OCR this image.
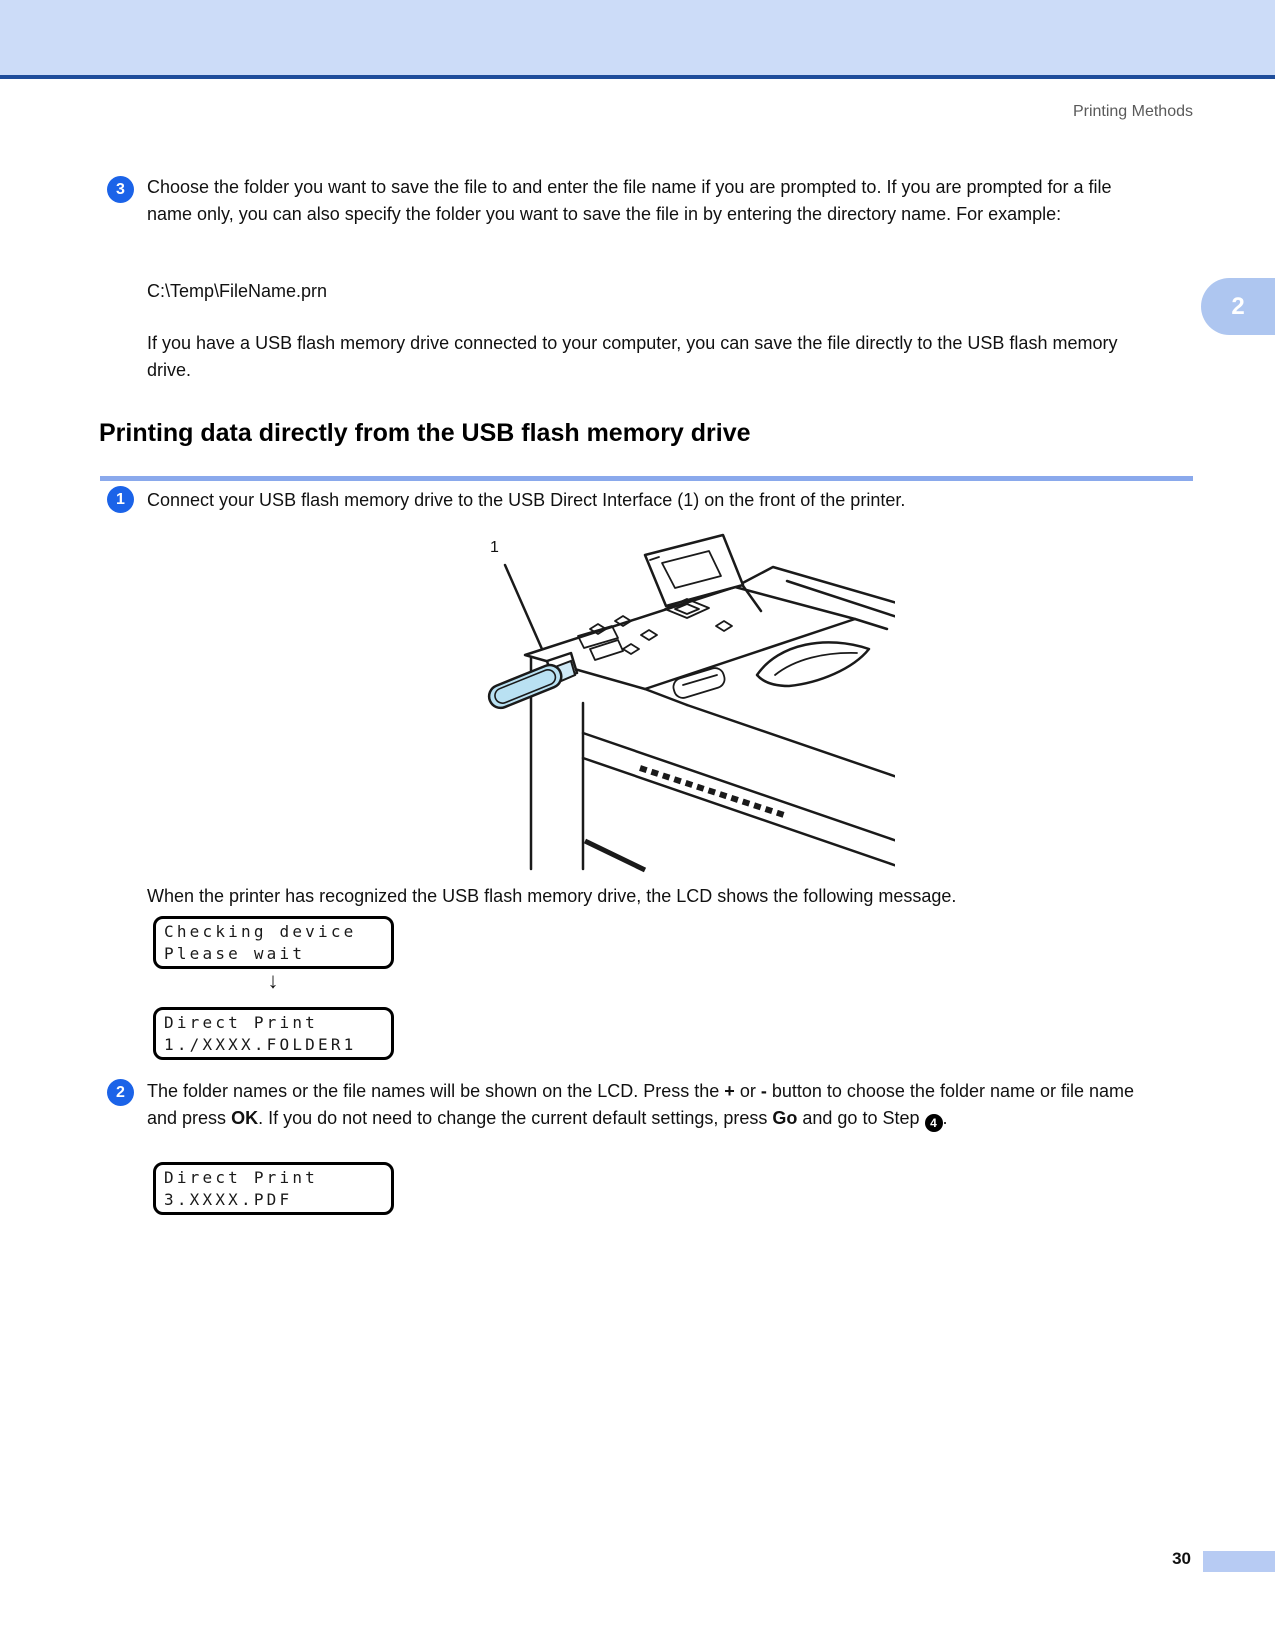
Printing Methods
2
3	Choose the folder you want to save the file to and enter the file name if you are prompted to. If you are prompted for a file name only, you can also specify the folder you want to save the file in by entering the directory name. For example:
C:\Temp\FileName.prn
If you have a USB flash memory drive connected to your computer, you can save the file directly to the USB flash memory drive.
Printing data directly from the USB flash memory drive
1	Connect your USB flash memory drive to the USB Direct Interface (1) on the front of the printer.
1
When the printer has recognized the USB flash memory drive, the LCD shows the following message.
Checking device
Please wait
↓
Direct Print
1./XXXX.FOLDER1
2	The folder names or the file names will be shown on the LCD. Press the + or - button to choose the folder name or file name and press OK. If you do not need to change the current default settings, press Go and go to Step 4 .
Direct Print
3.XXXX.PDF
30
